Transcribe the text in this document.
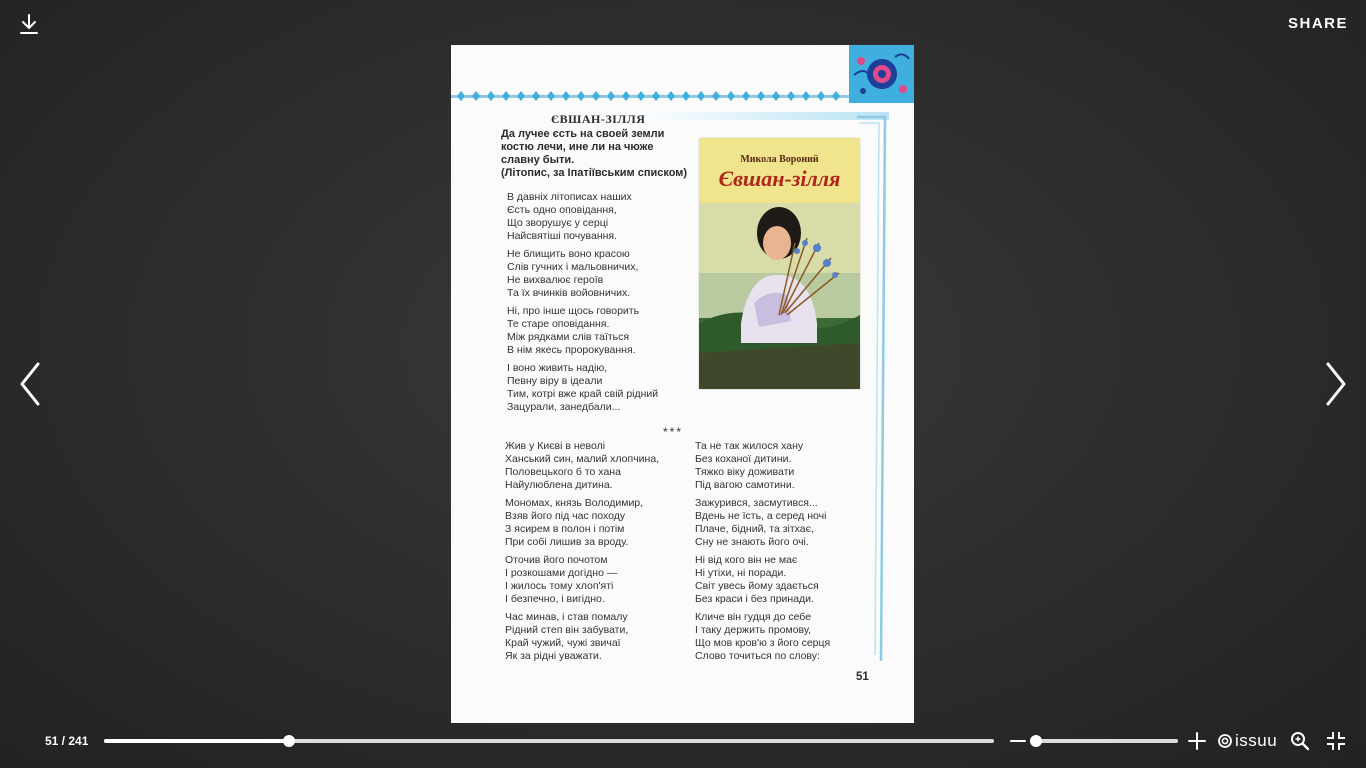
SHARE
ЄВШАН-ЗІЛЛЯ
Да лучее єсть на своей земли
костю лечи, ине ли на чюже
славну быти.
(Літопис, за Іпатіївським списком)
В давніх літописах наших
Єсть одно оповідання,
Що зворушує у серці
Найсвятіші почування.
Не блищить воно красою
Слів гучних і мальовничих,
Не вихвалює героїв
Та їх вчинків войовничих.
Ні, про інше щось говорить
Те старе оповідання.
Між рядками слів таїться
В нім якесь пророкування.
І воно живить надію,
Певну віру в ідеали
Тим, котрі вже край свій рідний
Зацурали, занедбали...
Микола Вороний
Євшан-зілля
***
Жив у Києві в неволі
Ханський син, малий хлопчина,
Половецького б то хана
Найулюблена дитина.
Мономах, князь Володимир,
Взяв його під час походу
З ясирем в полон і потім
При собі лишив за вроду.
Оточив його почотом
І розкошами догідно —
І жилось тому хлоп'яті
І безпечно, і вигідно.
Час минав, і став помалу
Рідний степ він забувати,
Край чужий, чужі звичаї
Як за рідні уважати.
Та не так жилося хану
Без коханої дитини.
Тяжко віку доживати
Під вагою самотини.
Зажурився, засмутився...
Вдень не їсть, а серед ночі
Плаче, бідний, та зітхає,
Сну не знають його очі.
Ні від кого він не має
Ні утіхи, ні поради.
Світ увесь йому здається
Без краси і без принади.
Кличе він гудця до себе
І таку держить промову,
Що мов кров'ю з його серця
Слово точиться по слову:
51
51 / 241	issuu
